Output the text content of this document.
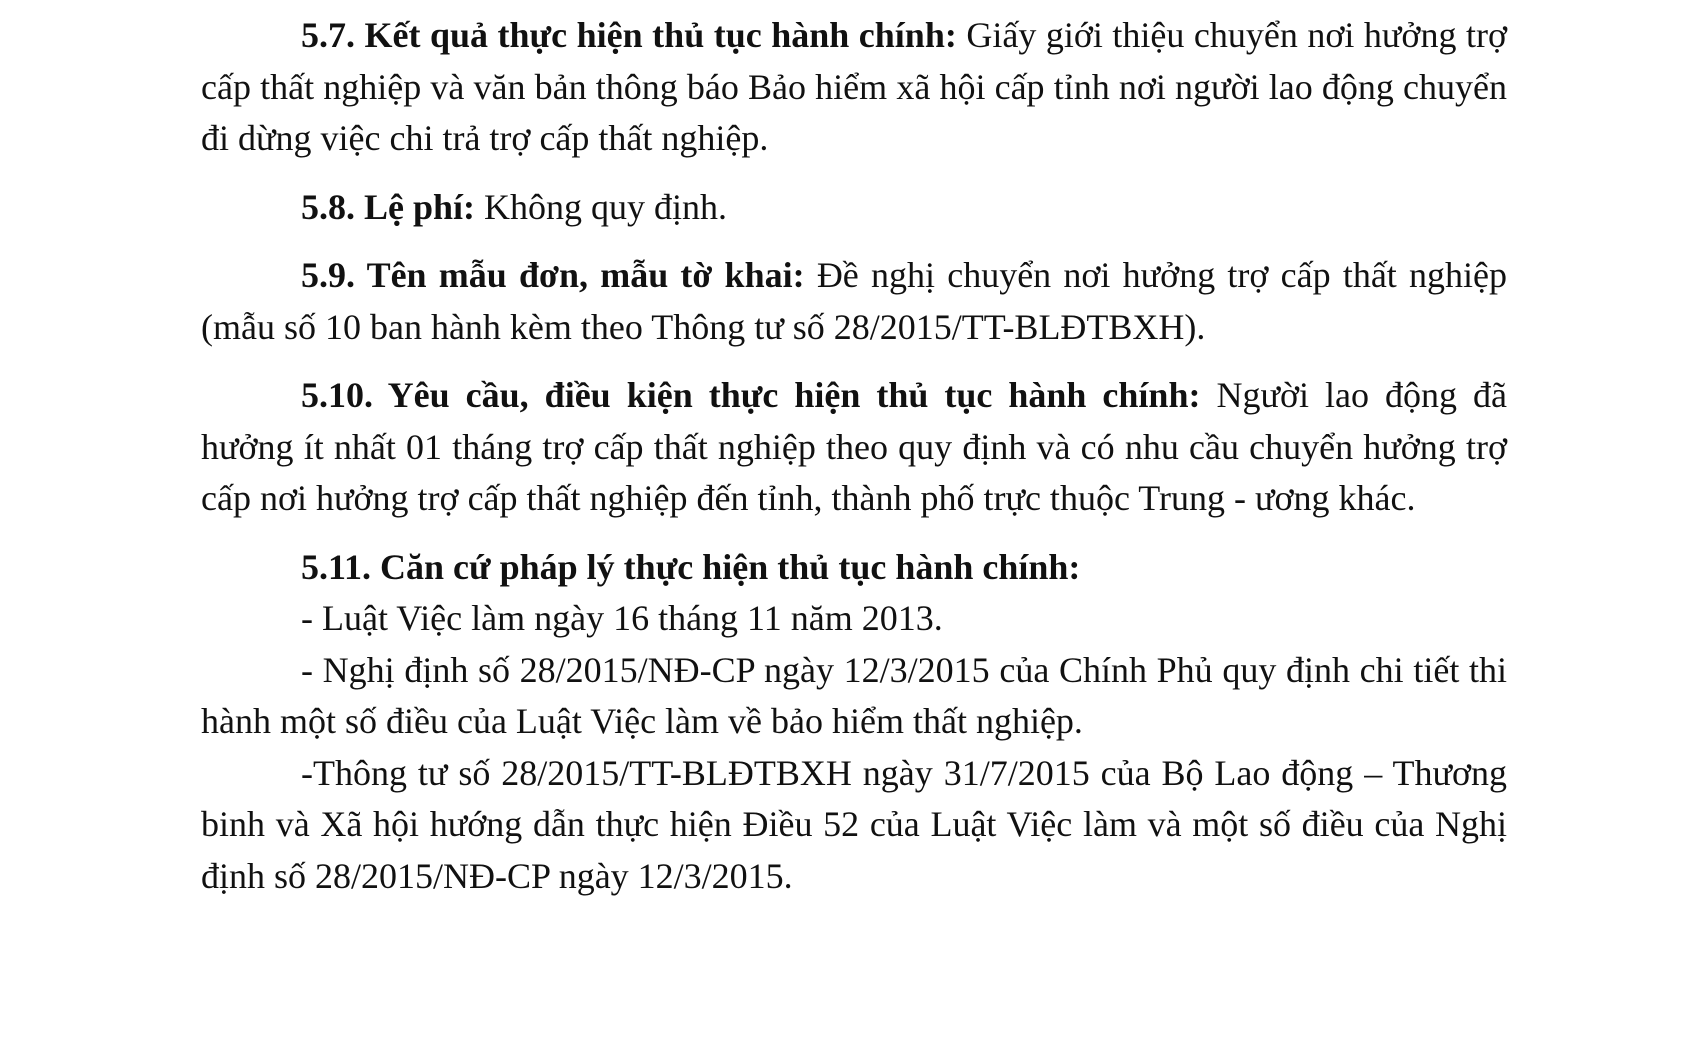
5.7. Kết quả thực hiện thủ tục hành chính: Giấy giới thiệu chuyển nơi hưởng trợ cấp thất nghiệp và văn bản thông báo Bảo hiểm xã hội cấp tỉnh nơi người lao động chuyển đi dừng việc chi trả trợ cấp thất nghiệp.

5.8. Lệ phí: Không quy định.

5.9. Tên mẫu đơn, mẫu tờ khai: Đề nghị chuyển nơi hưởng trợ cấp thất nghiệp (mẫu số 10 ban hành kèm theo Thông tư số 28/2015/TT-BLĐTBXH).

5.10. Yêu cầu, điều kiện thực hiện thủ tục hành chính: Người lao động đã hưởng ít nhất 01 tháng trợ cấp thất nghiệp theo quy định và có nhu cầu chuyển hưởng trợ cấp nơi hưởng trợ cấp thất nghiệp đến tỉnh, thành phố trực thuộc Trung - ương khác.

5.11. Căn cứ pháp lý thực hiện thủ tục hành chính:

- Luật Việc làm ngày 16 tháng 11 năm 2013.
- Nghị định số 28/2015/NĐ-CP ngày 12/3/2015 của Chính Phủ quy định chi tiết thi hành một số điều của Luật Việc làm về bảo hiểm thất nghiệp.
-Thông tư số 28/2015/TT-BLĐTBXH ngày 31/7/2015 của Bộ Lao động – Thương binh và Xã hội hướng dẫn thực hiện Điều 52 của Luật Việc làm và một số điều của Nghị định số 28/2015/NĐ-CP ngày 12/3/2015.
